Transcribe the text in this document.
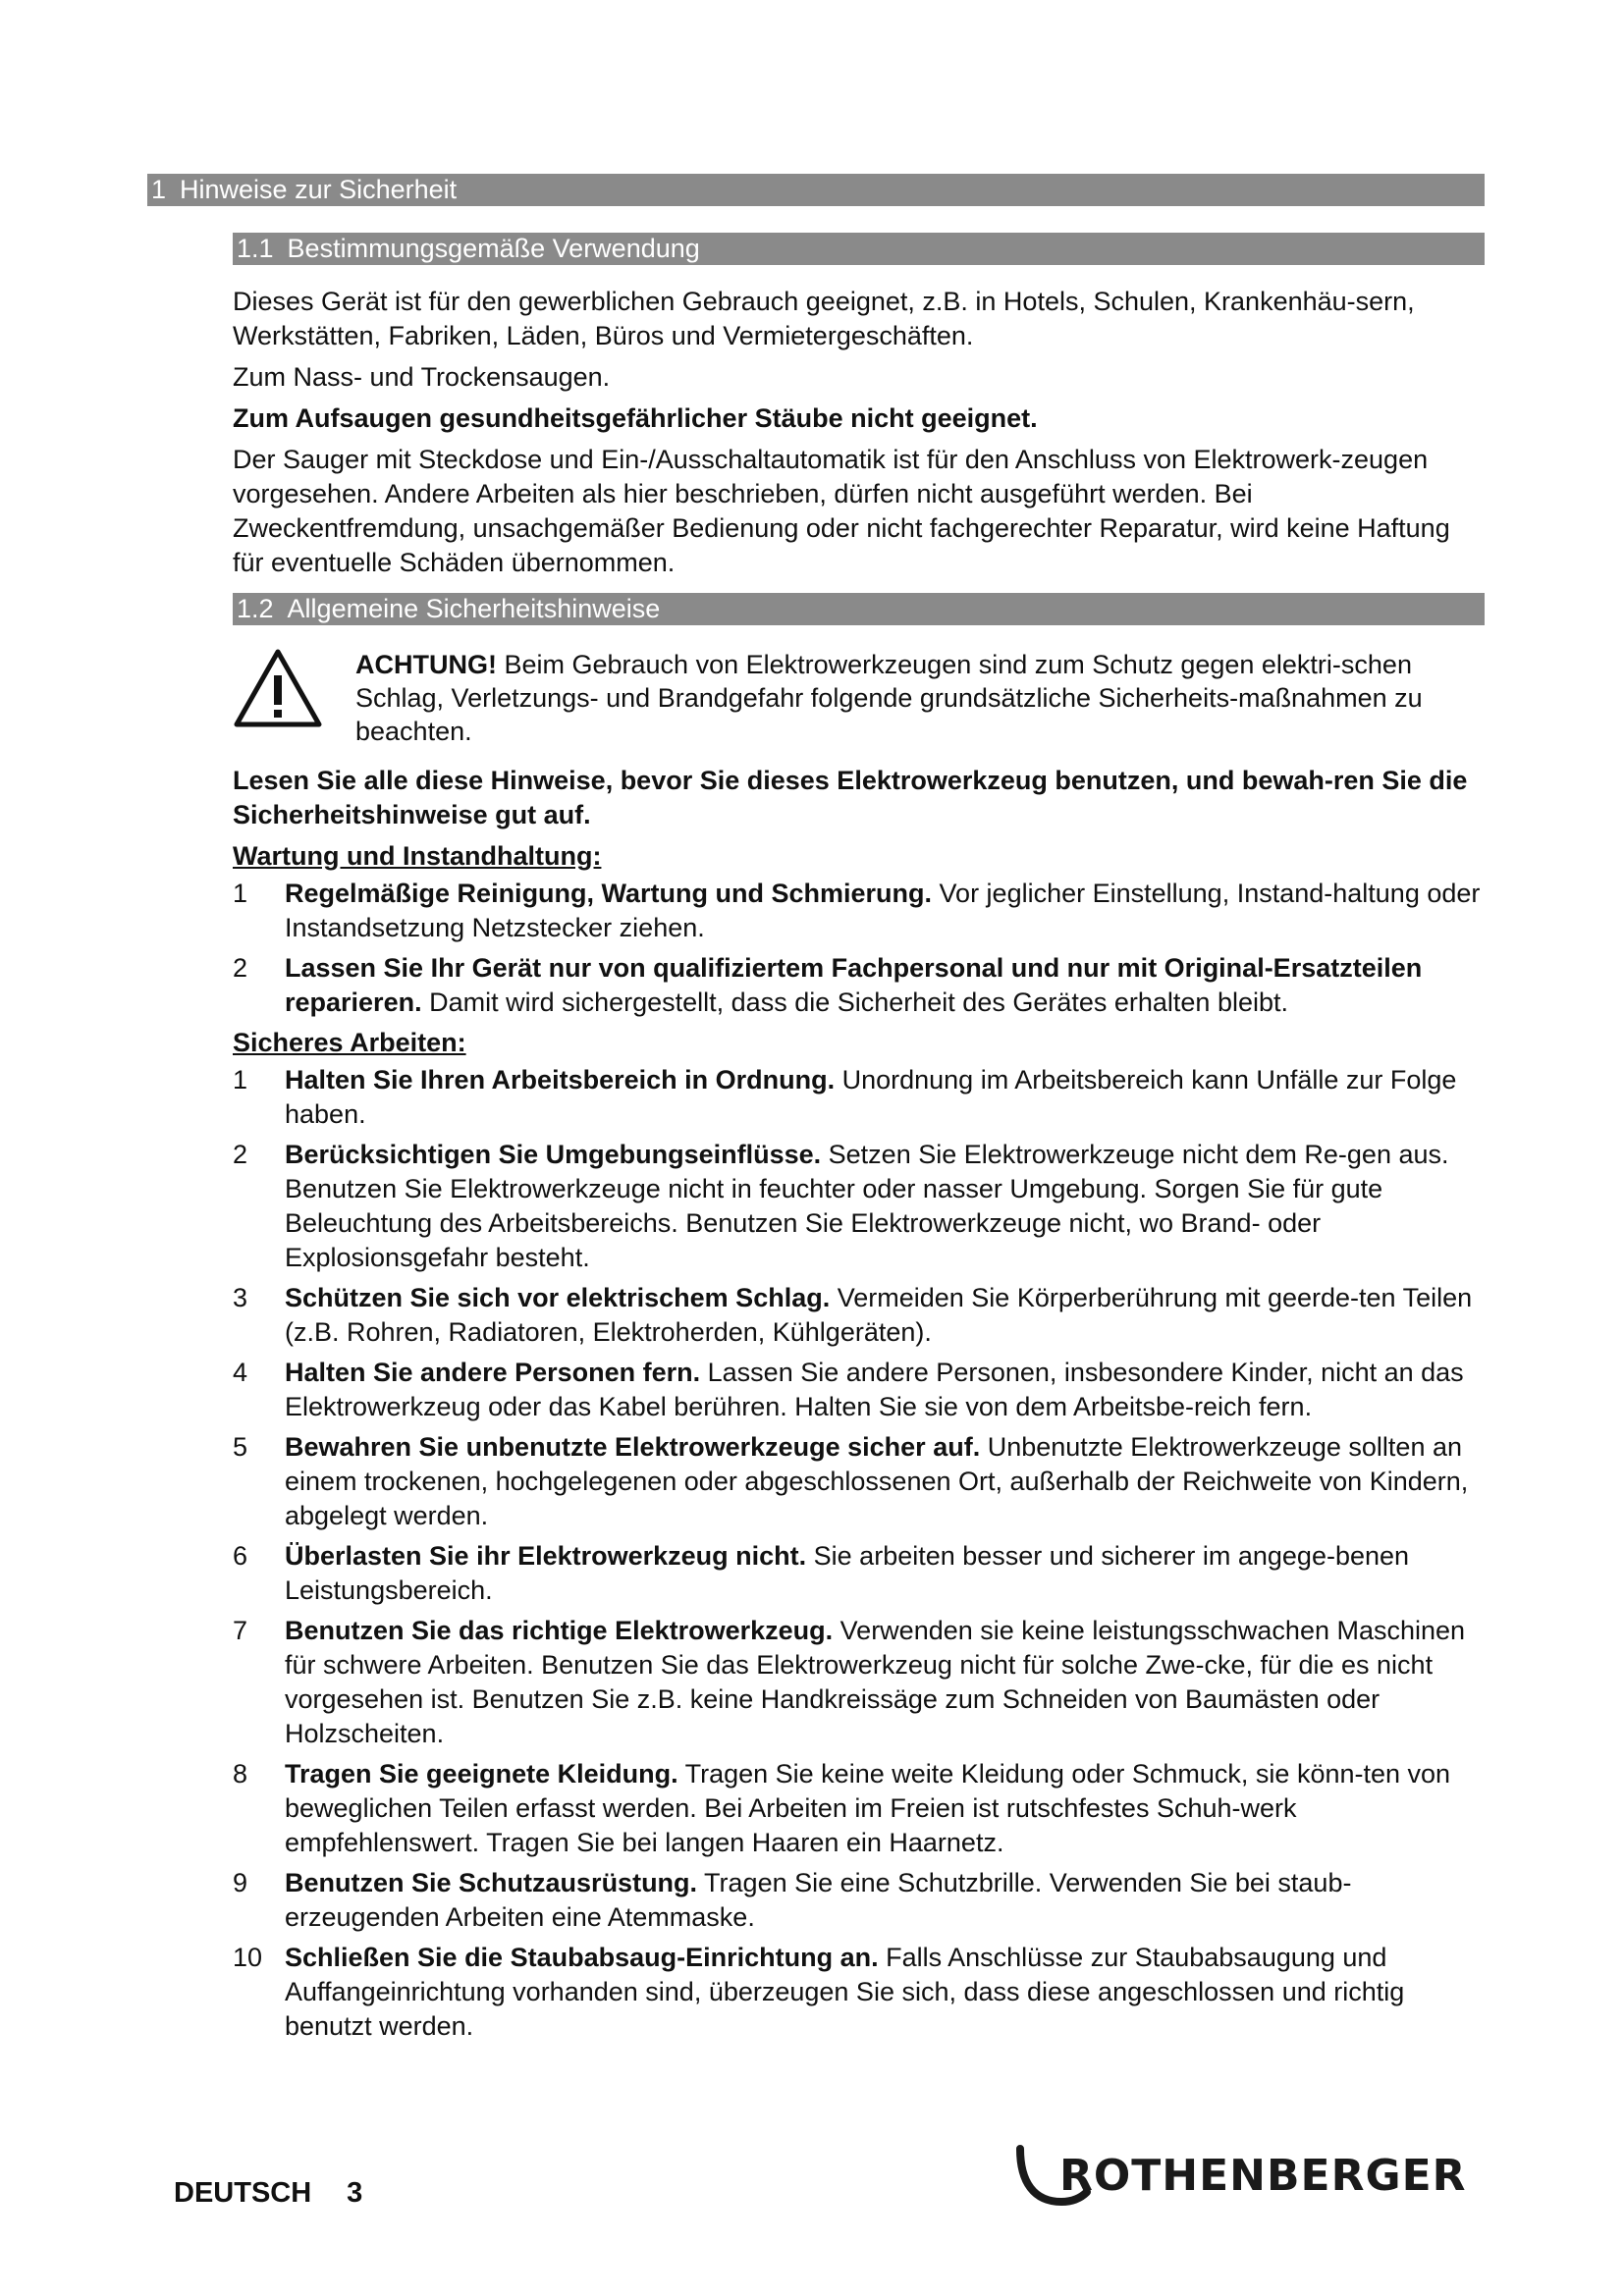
1 Hinweise zur Sicherheit
1.1 Bestimmungsgemäße Verwendung

Dieses Gerät ist für den gewerblichen Gebrauch geeignet, z.B. in Hotels, Schulen, Krankenhäu-sern, Werkstätten, Fabriken, Läden, Büros und Vermietergeschäften.

Zum Nass- und Trockensaugen.

Zum Aufsaugen gesundheitsgefährlicher Stäube nicht geeignet.

Der Sauger mit Steckdose und Ein-/Ausschaltautomatik ist für den Anschluss von Elektrowerk-zeugen vorgesehen. Andere Arbeiten als hier beschrieben, dürfen nicht ausgeführt werden. Bei Zweckentfremdung, unsachgemäßer Bedienung oder nicht fachgerechter Reparatur, wird keine Haftung für eventuelle Schäden übernommen.

1.2 Allgemeine Sicherheitshinweise
ACHTUNG! Beim Gebrauch von Elektrowerkzeugen sind zum Schutz gegen elektri-schen Schlag, Verletzungs- und Brandgefahr folgende grundsätzliche Sicherheits-maßnahmen zu beachten.

Lesen Sie alle diese Hinweise, bevor Sie dieses Elektrowerkzeug benutzen, und bewah-ren Sie die Sicherheitshinweise gut auf.

Wartung und Instandhaltung:

1 Regelmäßige Reinigung, Wartung und Schmierung. Vor jeglicher Einstellung, Instand-haltung oder Instandsetzung Netzstecker ziehen.
2 Lassen Sie Ihr Gerät nur von qualifiziertem Fachpersonal und nur mit Original-Ersatzteilen reparieren. Damit wird sichergestellt, dass die Sicherheit des Gerätes erhalten bleibt.

Sicheres Arbeiten:

1 Halten Sie Ihren Arbeitsbereich in Ordnung. Unordnung im Arbeitsbereich kann Unfälle zur Folge haben.
2 Berücksichtigen Sie Umgebungseinflüsse. Setzen Sie Elektrowerkzeuge nicht dem Re-gen aus. Benutzen Sie Elektrowerkzeuge nicht in feuchter oder nasser Umgebung. Sorgen Sie für gute Beleuchtung des Arbeitsbereichs. Benutzen Sie Elektrowerkzeuge nicht, wo Brand- oder Explosionsgefahr besteht.
3 Schützen Sie sich vor elektrischem Schlag. Vermeiden Sie Körperberührung mit geerde-ten Teilen (z.B. Rohren, Radiatoren, Elektroherden, Kühlgeräten).
4 Halten Sie andere Personen fern. Lassen Sie andere Personen, insbesondere Kinder, nicht an das Elektrowerkzeug oder das Kabel berühren. Halten Sie sie von dem Arbeitsbe-reich fern.
5 Bewahren Sie unbenutzte Elektrowerkzeuge sicher auf. Unbenutzte Elektrowerkzeuge sollten an einem trockenen, hochgelegenen oder abgeschlossenen Ort, außerhalb der Reichweite von Kindern, abgelegt werden.
6 Überlasten Sie ihr Elektrowerkzeug nicht. Sie arbeiten besser und sicherer im angege-benen Leistungsbereich.
7 Benutzen Sie das richtige Elektrowerkzeug. Verwenden sie keine leistungsschwachen Maschinen für schwere Arbeiten. Benutzen Sie das Elektrowerkzeug nicht für solche Zwe-cke, für die es nicht vorgesehen ist. Benutzen Sie z.B. keine Handkreissäge zum Schneiden von Baumästen oder Holzscheiten.
8 Tragen Sie geeignete Kleidung. Tragen Sie keine weite Kleidung oder Schmuck, sie könn-ten von beweglichen Teilen erfasst werden. Bei Arbeiten im Freien ist rutschfestes Schuh-werk empfehlenswert. Tragen Sie bei langen Haaren ein Haarnetz.
9 Benutzen Sie Schutzausrüstung. Tragen Sie eine Schutzbrille. Verwenden Sie bei staub-erzeugenden Arbeiten eine Atemmaske.
10 Schließen Sie die Staubabsaug-Einrichtung an. Falls Anschlüsse zur Staubabsaugung und Auffangeinrichtung vorhanden sind, überzeugen Sie sich, dass diese angeschlossen und richtig benutzt werden.
DEUTSCH 3	ROTHENBERGER
